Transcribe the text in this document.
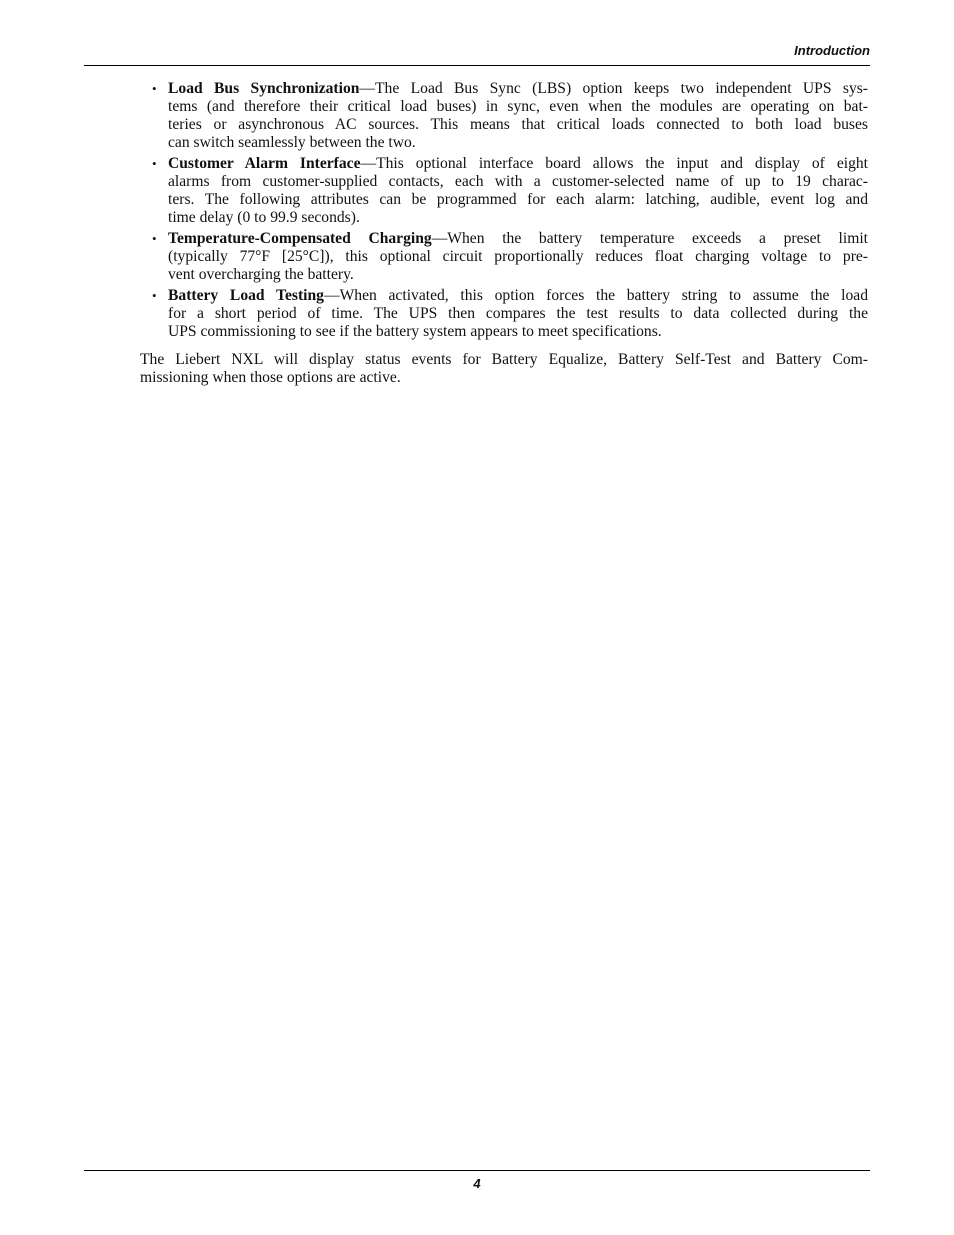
Introduction
• Load Bus Synchronization—The Load Bus Sync (LBS) option keeps two independent UPS sys-
tems (and therefore their critical load buses) in sync, even when the modules are operating on bat-
teries or asynchronous AC sources. This means that critical loads connected to both load buses
can switch seamlessly between the two.
• Customer Alarm Interface—This optional interface board allows the input and display of eight
alarms from customer-supplied contacts, each with a customer-selected name of up to 19 charac-
ters. The following attributes can be programmed for each alarm: latching, audible, event log and
time delay (0 to 99.9 seconds).
• Temperature-Compensated Charging—When the battery temperature exceeds a preset limit
(typically 77°F [25°C]), this optional circuit proportionally reduces float charging voltage to pre-
vent overcharging the battery.
• Battery Load Testing—When activated, this option forces the battery string to assume the load
for a short period of time. The UPS then compares the test results to data collected during the
UPS commissioning to see if the battery system appears to meet specifications.
The Liebert NXL will display status events for Battery Equalize, Battery Self-Test and Battery Com-
missioning when those options are active.
4
